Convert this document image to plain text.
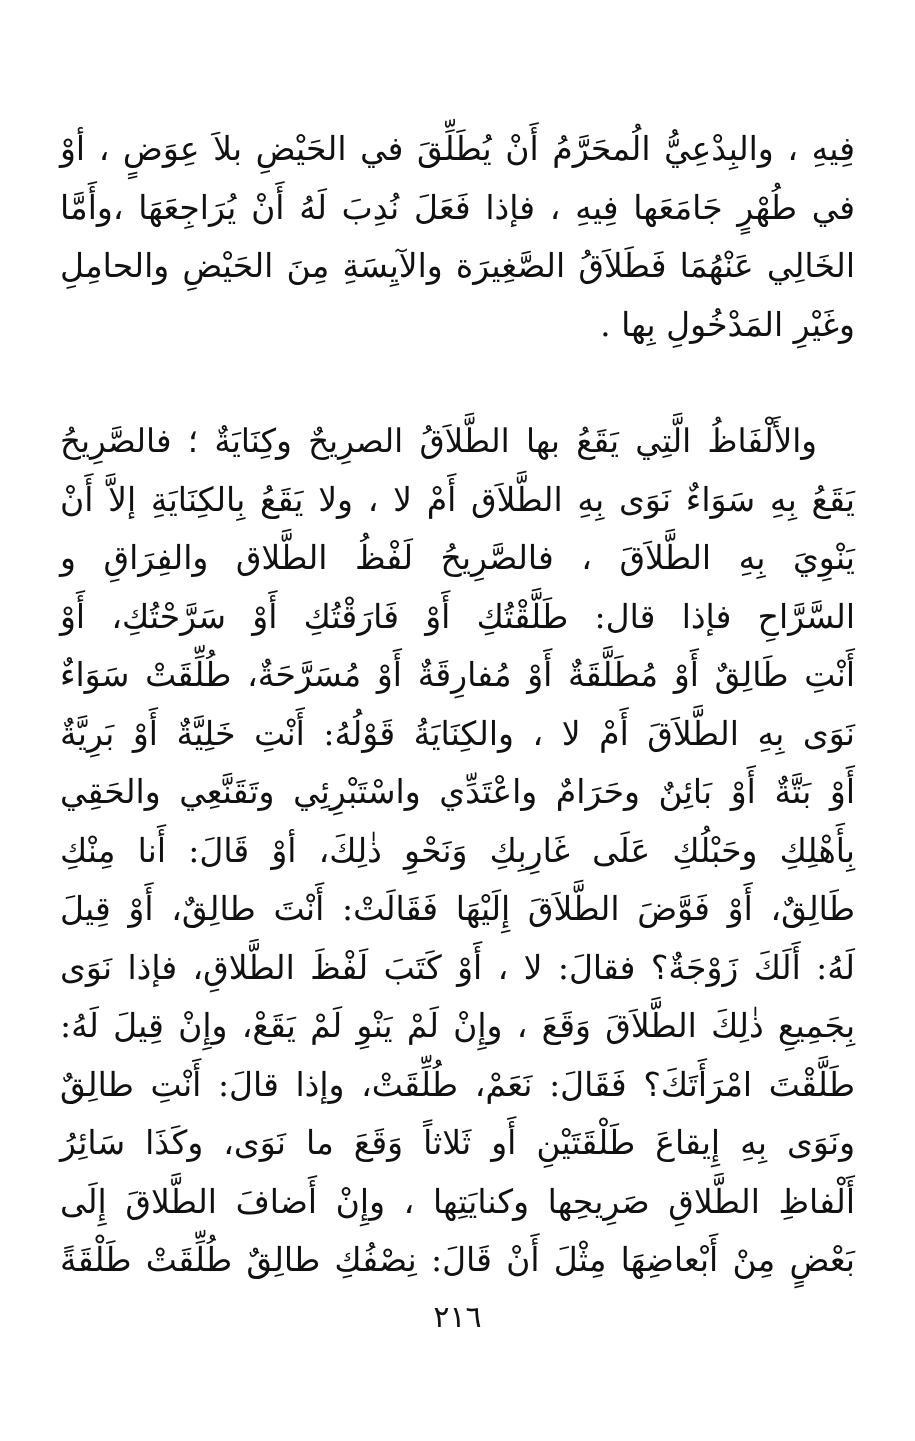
فِيهِ ، والبِدْعِيُّ الُمحَرَّمُ أَنْ يُطَلِّقَ في الحَيْضِ بلاَ عِوَضٍ ، أوْ
في طُهْرٍ جَامَعَها فِيهِ ، فإذا فَعَلَ نُدِبَ لَهُ أَنْ يُرَاجِعَهَا ،وأَمَّا
الخَالِي عَنْهُمَا فَطَلاَقُ الصَّغِيرَة والآيِسَةِ مِنَ الحَيْضِ والحامِلِ
وغَيْرِ المَدْخُولِ بِها .
والأَلْفَاظُ الَّتِي يَقَعُ بها الطَّلاَقُ الصرِيحٌ وكِنَايَةٌ ؛ فالصَّرِيحُ
يَقَعُ بِهِ سَوَاءٌ نَوَى بِهِ الطَّلاَق أَمْ لا ، ولا يَقَعُ بِالكِنَايَةِ إلاَّ أَنْ
يَنْوِيَ بِهِ الطَّلاَقَ ، فالصَّرِيحُ لَفْظُ الطَّلاق والفِرَاقِ و
السَّرَّاحِ فإذا قال: طَلَّقْتُكِ أَوْ فَارَقْتُكِ أَوْ سَرَّحْتُكِ، أَوْ
أَنْتِ طَالِقٌ أَوْ مُطَلَّقَةٌ أَوْ مُفارِقَةٌ أَوْ مُسَرَّحَةٌ، طُلِّقَتْ سَوَاءٌ
نَوَى بِهِ الطَّلاَقَ أَمْ لا ، والكِنَايَةُ قَوْلُهُ: أَنْتِ خَلِيَّةٌ أَوْ بَرِيَّةٌ
أَوْ بَتَّةٌ أَوْ بَائِنٌ وحَرَامٌ واعْتَدِّي واسْتَبْرِئِي وتَقَنَّعِي والحَقِي
بِأَهْلِكِ وحَبْلُكِ عَلَى غَارِبِكِ وَنَحْوِ ذٰلِكَ، أوْ قَالَ: أَنا مِنْكِ
طَالِقٌ، أَوْ فَوَّضَ الطَّلاَقَ إِلَيْهَا فَقَالَتْ: أَنْتَ طالِقٌ، أَوْ قِيلَ
لَهُ: أَلَكَ زَوْجَةٌ؟ فقالَ: لا ، أَوْ كَتَبَ لَفْظَ الطَّلاقِ، فإذا نَوَى
بِجَمِيعِ ذٰلِكَ الطَّلاَقَ وَقَعَ ، وإِنْ لَمْ يَنْوِ لَمْ يَقَعْ، وإِنْ قِيلَ لَهُ:
طَلَّقْتَ امْرَأَتَكَ؟ فَقَالَ: نَعَمْ، طُلِّقَتْ، وإذا قالَ: أَنْتِ طالِقٌ
ونَوَى بِهِ إِيقاعَ طَلْقَتَيْنِ أَو ثَلاثاً وَقَعَ ما نَوَى، وكَذَا سَائِرُ
أَلْفاظِ الطَّلاقِ صَرِيحِها وكنايَتِها ، وإِنْ أَضافَ الطَّلاقَ إِلَى
بَعْضٍ مِنْ أَبْعاضِهَا مِثْلَ أَنْ قَالَ: نِصْفُكِ طالِقٌ طُلِّقَتْ طَلْقَةً
٢١٦
